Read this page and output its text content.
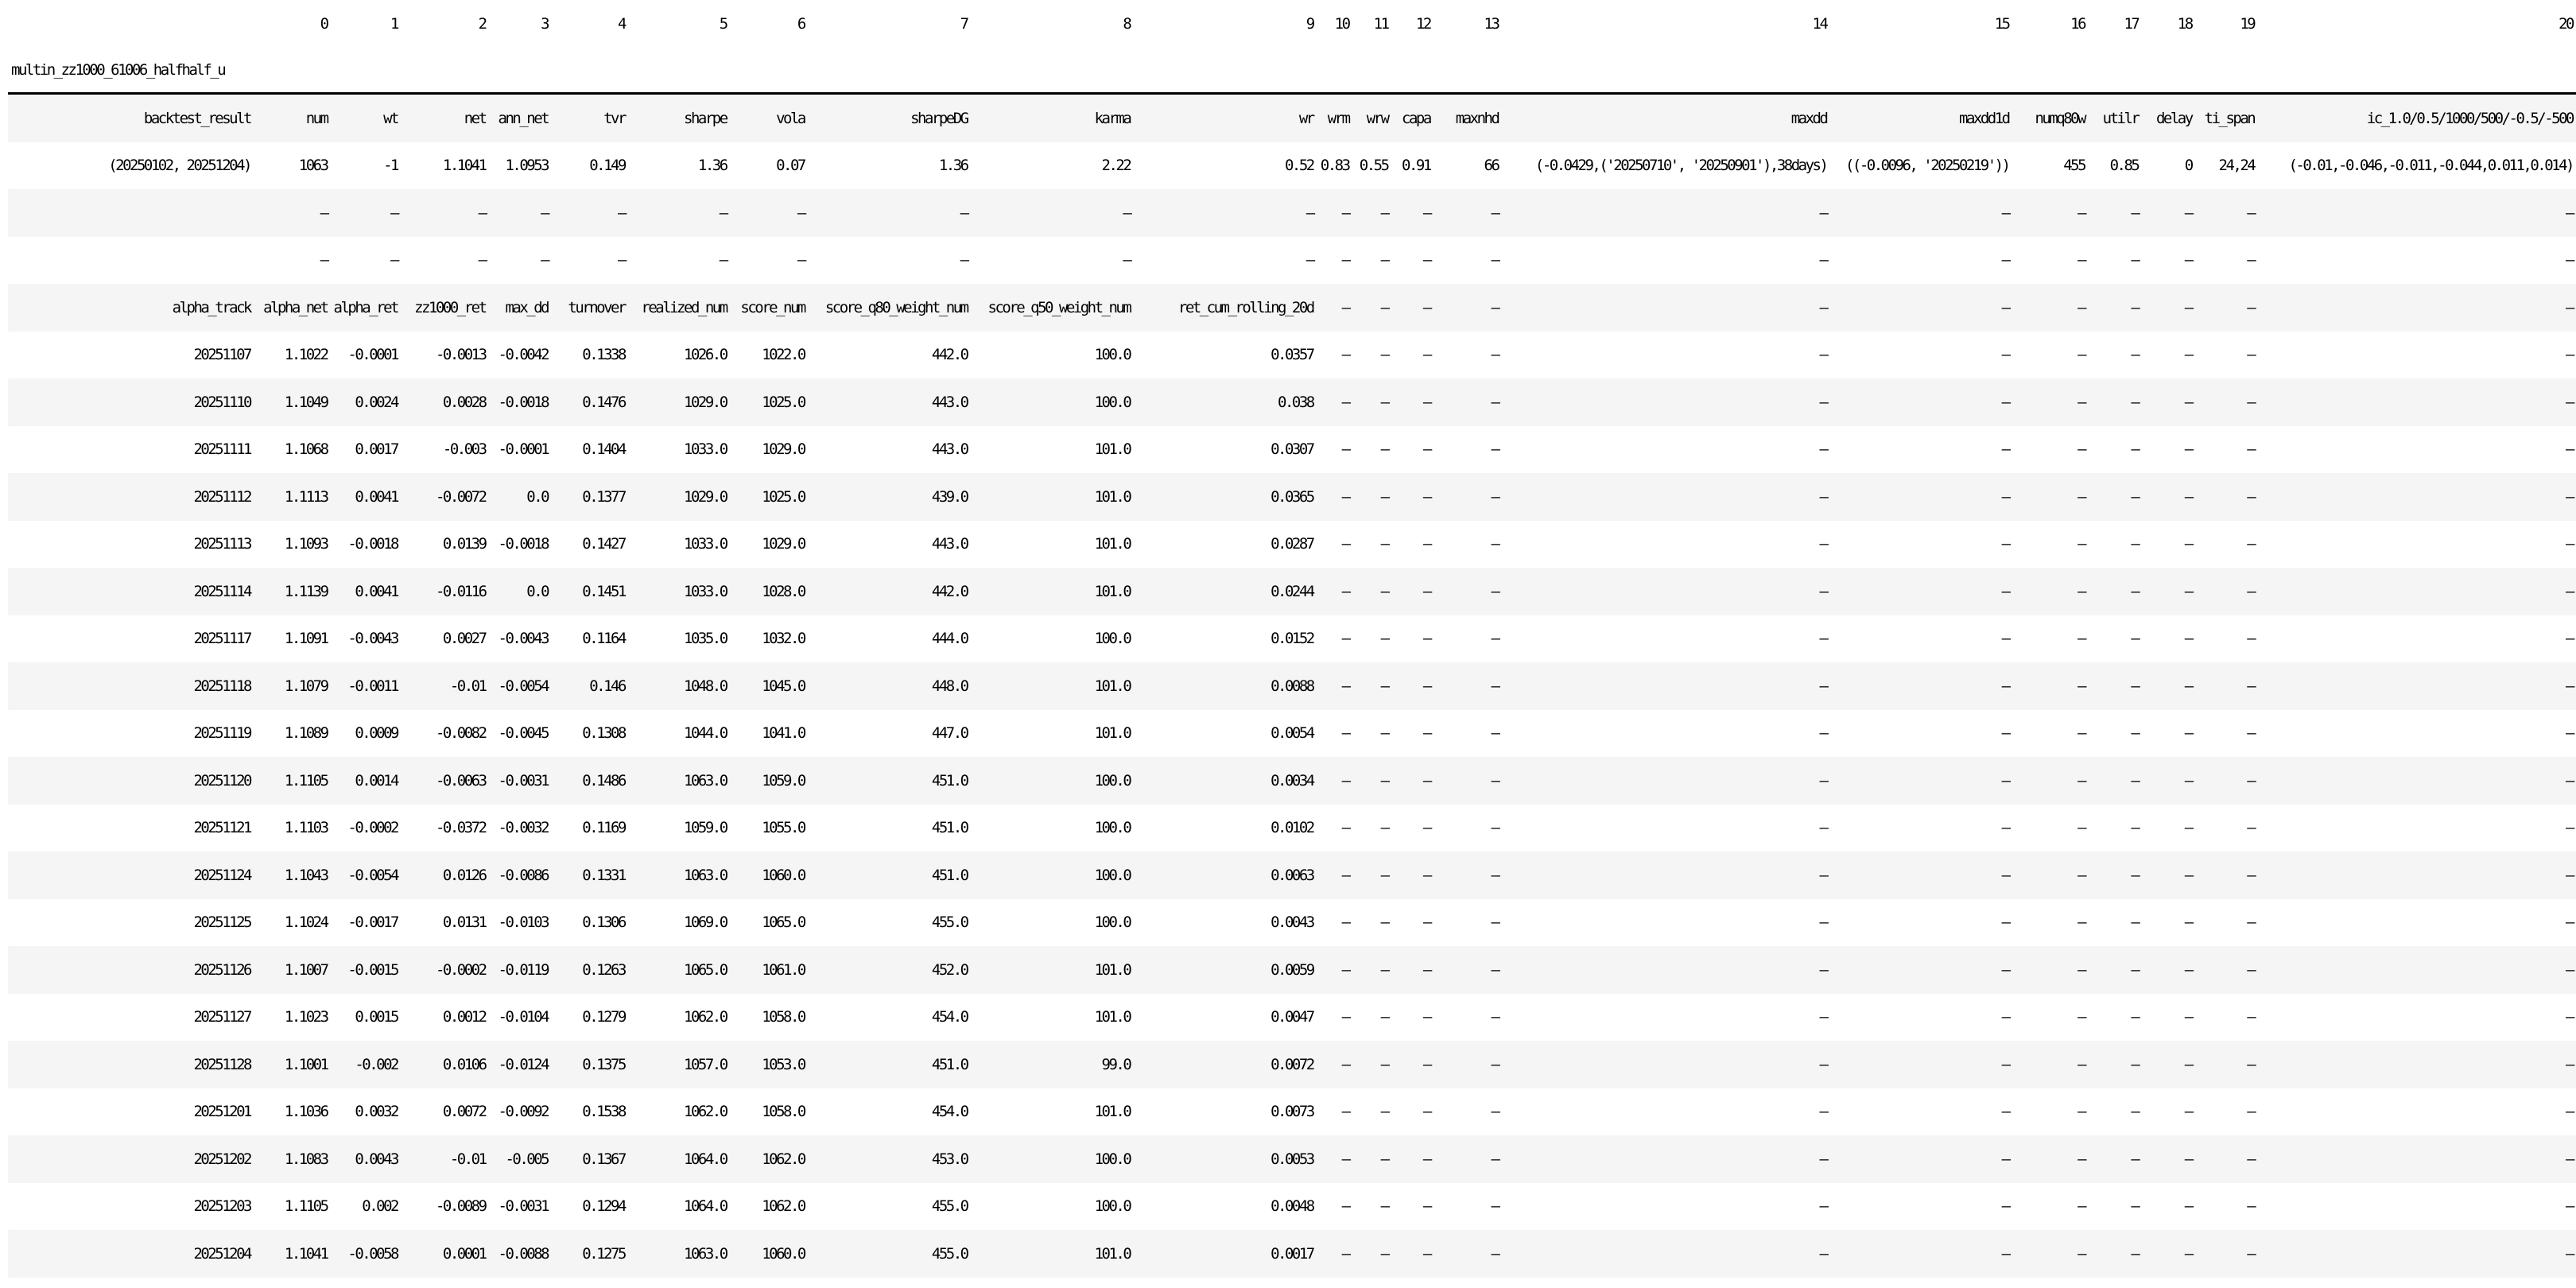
	0	1	2	3	4	5	6	7	8	9	10	11	12	13	14	15	16	17	18	19	20
multin_zz1000_61006_halfhalf_u																					
backtest_result	num	wt	net	ann_net	tvr	sharpe	vola	sharpeDG	karma	wr	wrm	wrw	capa	maxnhd	maxdd	maxdd1d	numq80w	utilr	delay	ti_span	ic_1.0/0.5/1000/500/-0.5/-500
(20250102, 20251204)	1063	-1	1.1041	1.0953	0.149	1.36	0.07	1.36	2.22	0.52	0.83	0.55	0.91	66	(-0.0429,('20250710', '20250901'),38days)	((-0.0096, '20250219'))	455	0.85	0	24,24	(-0.01,-0.046,-0.011,-0.044,0.011,0.014)
	—	—	—	—	—	—	—	—	—	—	—	—	—	—	—	—	—	—	—	—	—
	—	—	—	—	—	—	—	—	—	—	—	—	—	—	—	—	—	—	—	—	—
alpha_track	alpha_net	alpha_ret	zz1000_ret	max_dd	turnover	realized_num	score_num	score_q80_weight_num	score_q50_weight_num	ret_cum_rolling_20d	—	—	—	—	—	—	—	—	—	—	—
20251107	1.1022	-0.0001	-0.0013	-0.0042	0.1338	1026.0	1022.0	442.0	100.0	0.0357	—	—	—	—	—	—	—	—	—	—	—
20251110	1.1049	0.0024	0.0028	-0.0018	0.1476	1029.0	1025.0	443.0	100.0	0.038	—	—	—	—	—	—	—	—	—	—	—
20251111	1.1068	0.0017	-0.003	-0.0001	0.1404	1033.0	1029.0	443.0	101.0	0.0307	—	—	—	—	—	—	—	—	—	—	—
20251112	1.1113	0.0041	-0.0072	0.0	0.1377	1029.0	1025.0	439.0	101.0	0.0365	—	—	—	—	—	—	—	—	—	—	—
20251113	1.1093	-0.0018	0.0139	-0.0018	0.1427	1033.0	1029.0	443.0	101.0	0.0287	—	—	—	—	—	—	—	—	—	—	—
20251114	1.1139	0.0041	-0.0116	0.0	0.1451	1033.0	1028.0	442.0	101.0	0.0244	—	—	—	—	—	—	—	—	—	—	—
20251117	1.1091	-0.0043	0.0027	-0.0043	0.1164	1035.0	1032.0	444.0	100.0	0.0152	—	—	—	—	—	—	—	—	—	—	—
20251118	1.1079	-0.0011	-0.01	-0.0054	0.146	1048.0	1045.0	448.0	101.0	0.0088	—	—	—	—	—	—	—	—	—	—	—
20251119	1.1089	0.0009	-0.0082	-0.0045	0.1308	1044.0	1041.0	447.0	101.0	0.0054	—	—	—	—	—	—	—	—	—	—	—
20251120	1.1105	0.0014	-0.0063	-0.0031	0.1486	1063.0	1059.0	451.0	100.0	0.0034	—	—	—	—	—	—	—	—	—	—	—
20251121	1.1103	-0.0002	-0.0372	-0.0032	0.1169	1059.0	1055.0	451.0	100.0	0.0102	—	—	—	—	—	—	—	—	—	—	—
20251124	1.1043	-0.0054	0.0126	-0.0086	0.1331	1063.0	1060.0	451.0	100.0	0.0063	—	—	—	—	—	—	—	—	—	—	—
20251125	1.1024	-0.0017	0.0131	-0.0103	0.1306	1069.0	1065.0	455.0	100.0	0.0043	—	—	—	—	—	—	—	—	—	—	—
20251126	1.1007	-0.0015	-0.0002	-0.0119	0.1263	1065.0	1061.0	452.0	101.0	0.0059	—	—	—	—	—	—	—	—	—	—	—
20251127	1.1023	0.0015	0.0012	-0.0104	0.1279	1062.0	1058.0	454.0	101.0	0.0047	—	—	—	—	—	—	—	—	—	—	—
20251128	1.1001	-0.002	0.0106	-0.0124	0.1375	1057.0	1053.0	451.0	99.0	0.0072	—	—	—	—	—	—	—	—	—	—	—
20251201	1.1036	0.0032	0.0072	-0.0092	0.1538	1062.0	1058.0	454.0	101.0	0.0073	—	—	—	—	—	—	—	—	—	—	—
20251202	1.1083	0.0043	-0.01	-0.005	0.1367	1064.0	1062.0	453.0	100.0	0.0053	—	—	—	—	—	—	—	—	—	—	—
20251203	1.1105	0.002	-0.0089	-0.0031	0.1294	1064.0	1062.0	455.0	100.0	0.0048	—	—	—	—	—	—	—	—	—	—	—
20251204	1.1041	-0.0058	0.0001	-0.0088	0.1275	1063.0	1060.0	455.0	101.0	0.0017	—	—	—	—	—	—	—	—	—	—	—
